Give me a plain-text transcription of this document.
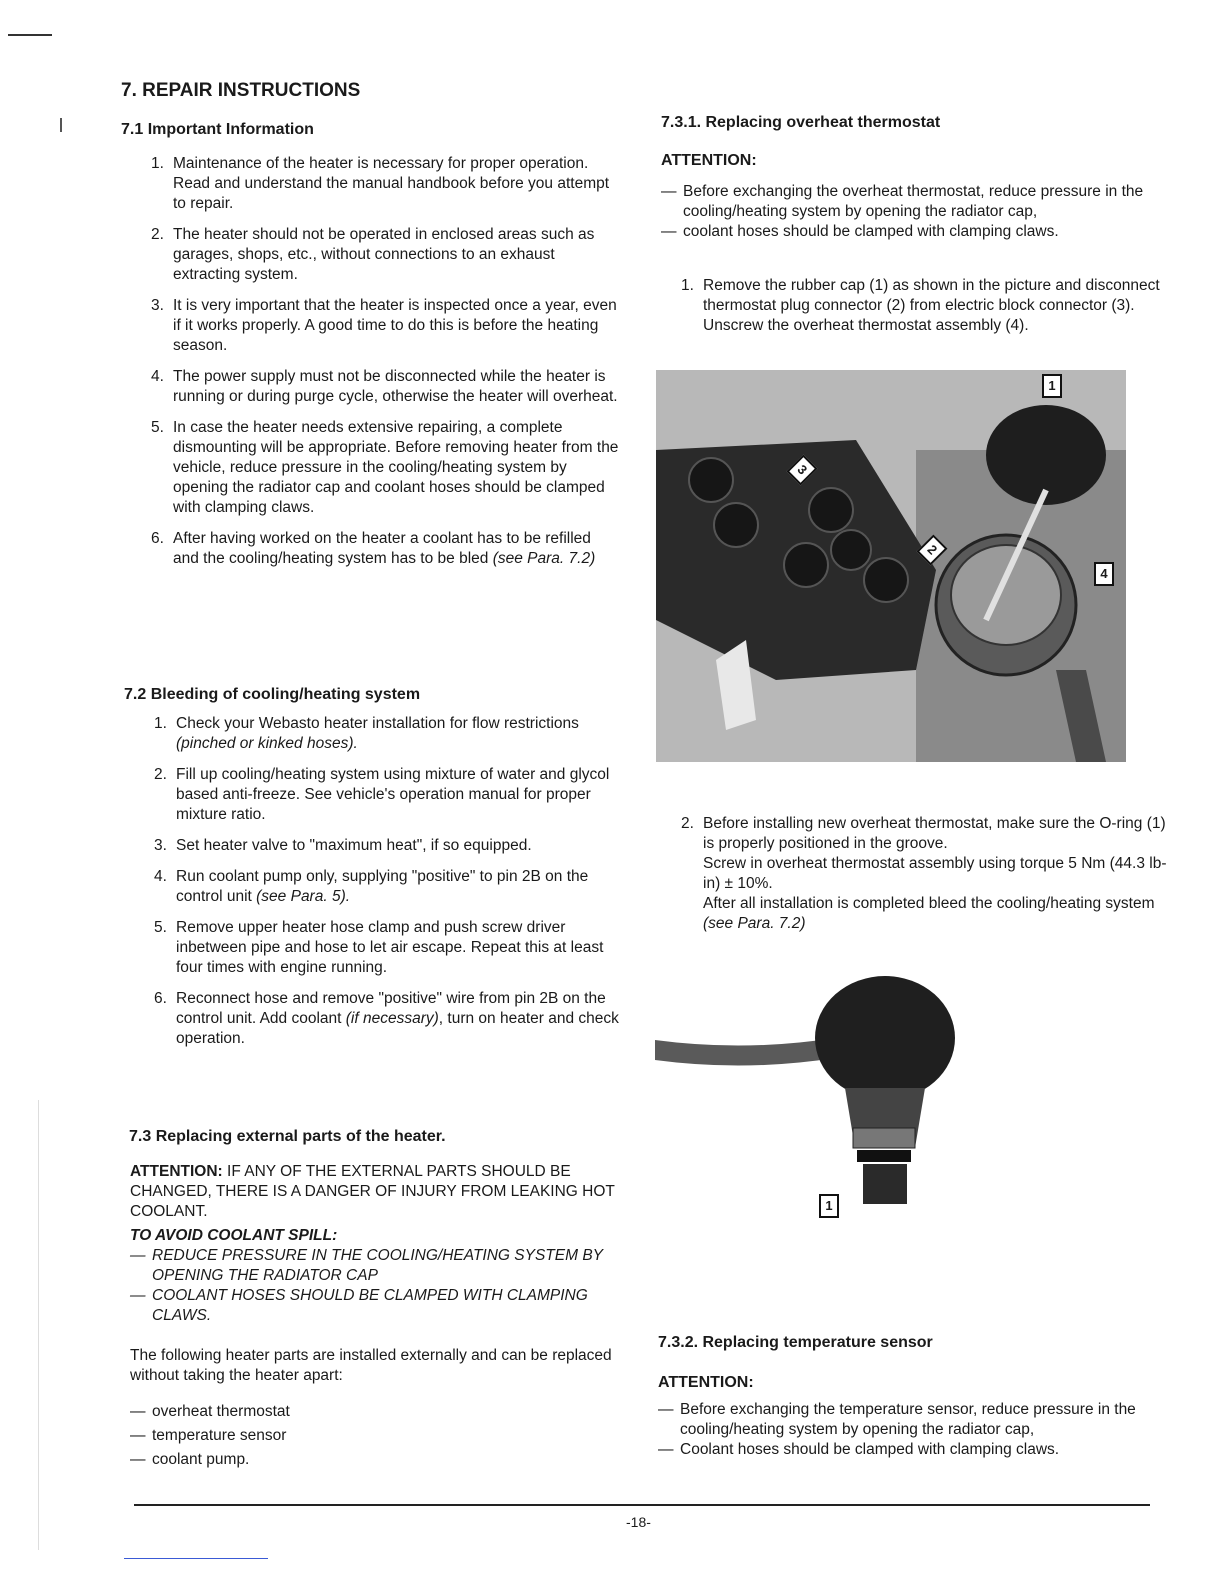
7. REPAIR INSTRUCTIONS
7.1 Important Information
1. Maintenance of the heater is necessary for proper operation. Read and understand the manual handbook before you attempt to repair.
2. The heater should not be operated in enclosed areas such as garages, shops, etc., without connections to an exhaust extracting system.
3. It is very important that the heater is inspected once a year, even if it works properly. A good time to do this is before the heating season.
4. The power supply must not be disconnected while the heater is running or during purge cycle, otherwise the heater will overheat.
5. In case the heater needs extensive repairing, a complete dismounting will be appropriate. Before removing heater from the vehicle, reduce pressure in the cooling/heating system by opening the radiator cap and coolant hoses should be clamped with clamping claws.
6. After having worked on the heater a coolant has to be refilled and the cooling/heating system has to be bled (see Para. 7.2)
7.2 Bleeding of cooling/heating system
1. Check your Webasto heater installation for flow restrictions (pinched or kinked hoses).
2. Fill up cooling/heating system using mixture of water and glycol based anti-freeze. See vehicle's operation manual for proper mixture ratio.
3. Set heater valve to "maximum heat", if so equipped.
4. Run coolant pump only, supplying "positive" to pin 2B on the control unit (see Para. 5).
5. Remove upper heater hose clamp and push screw driver inbetween pipe and hose to let air escape. Repeat this at least four times with engine running.
6. Reconnect hose and remove "positive" wire from pin 2B on the control unit. Add coolant (if necessary), turn on heater and check operation.
7.3 Replacing external parts of the heater.
ATTENTION: IF ANY OF THE EXTERNAL PARTS SHOULD BE CHANGED, THERE IS A DANGER OF INJURY FROM LEAKING HOT COOLANT.
TO AVOID COOLANT SPILL:
— REDUCE PRESSURE IN THE COOLING/HEATING SYSTEM BY OPENING THE RADIATOR CAP
— COOLANT HOSES SHOULD BE CLAMPED WITH CLAMPING CLAWS.
The following heater parts are installed externally and can be replaced without taking the heater apart:
— overheat thermostat
— temperature sensor
— coolant pump.
7.3.1. Replacing overheat thermostat
ATTENTION:
— Before exchanging the overheat thermostat, reduce pressure in the cooling/heating system by opening the radiator cap,
— coolant hoses should be clamped with clamping claws.
1. Remove the rubber cap (1) as shown in the picture and disconnect thermostat plug connector (2) from electric block connector (3).
Unscrew the overheat thermostat assembly (4).
1
3
2
4
2. Before installing new overheat thermostat, make sure the O-ring (1) is properly positioned in the groove.
Screw in overheat thermostat assembly using torque 5 Nm (44.3 lb-in) ± 10%.
After all installation is completed bleed the cooling/heating system (see Para. 7.2)
1
7.3.2. Replacing temperature sensor
ATTENTION:
— Before exchanging the temperature sensor, reduce pressure in the cooling/heating system by opening the radiator cap,
— Coolant hoses should be clamped with clamping claws.
-18-
